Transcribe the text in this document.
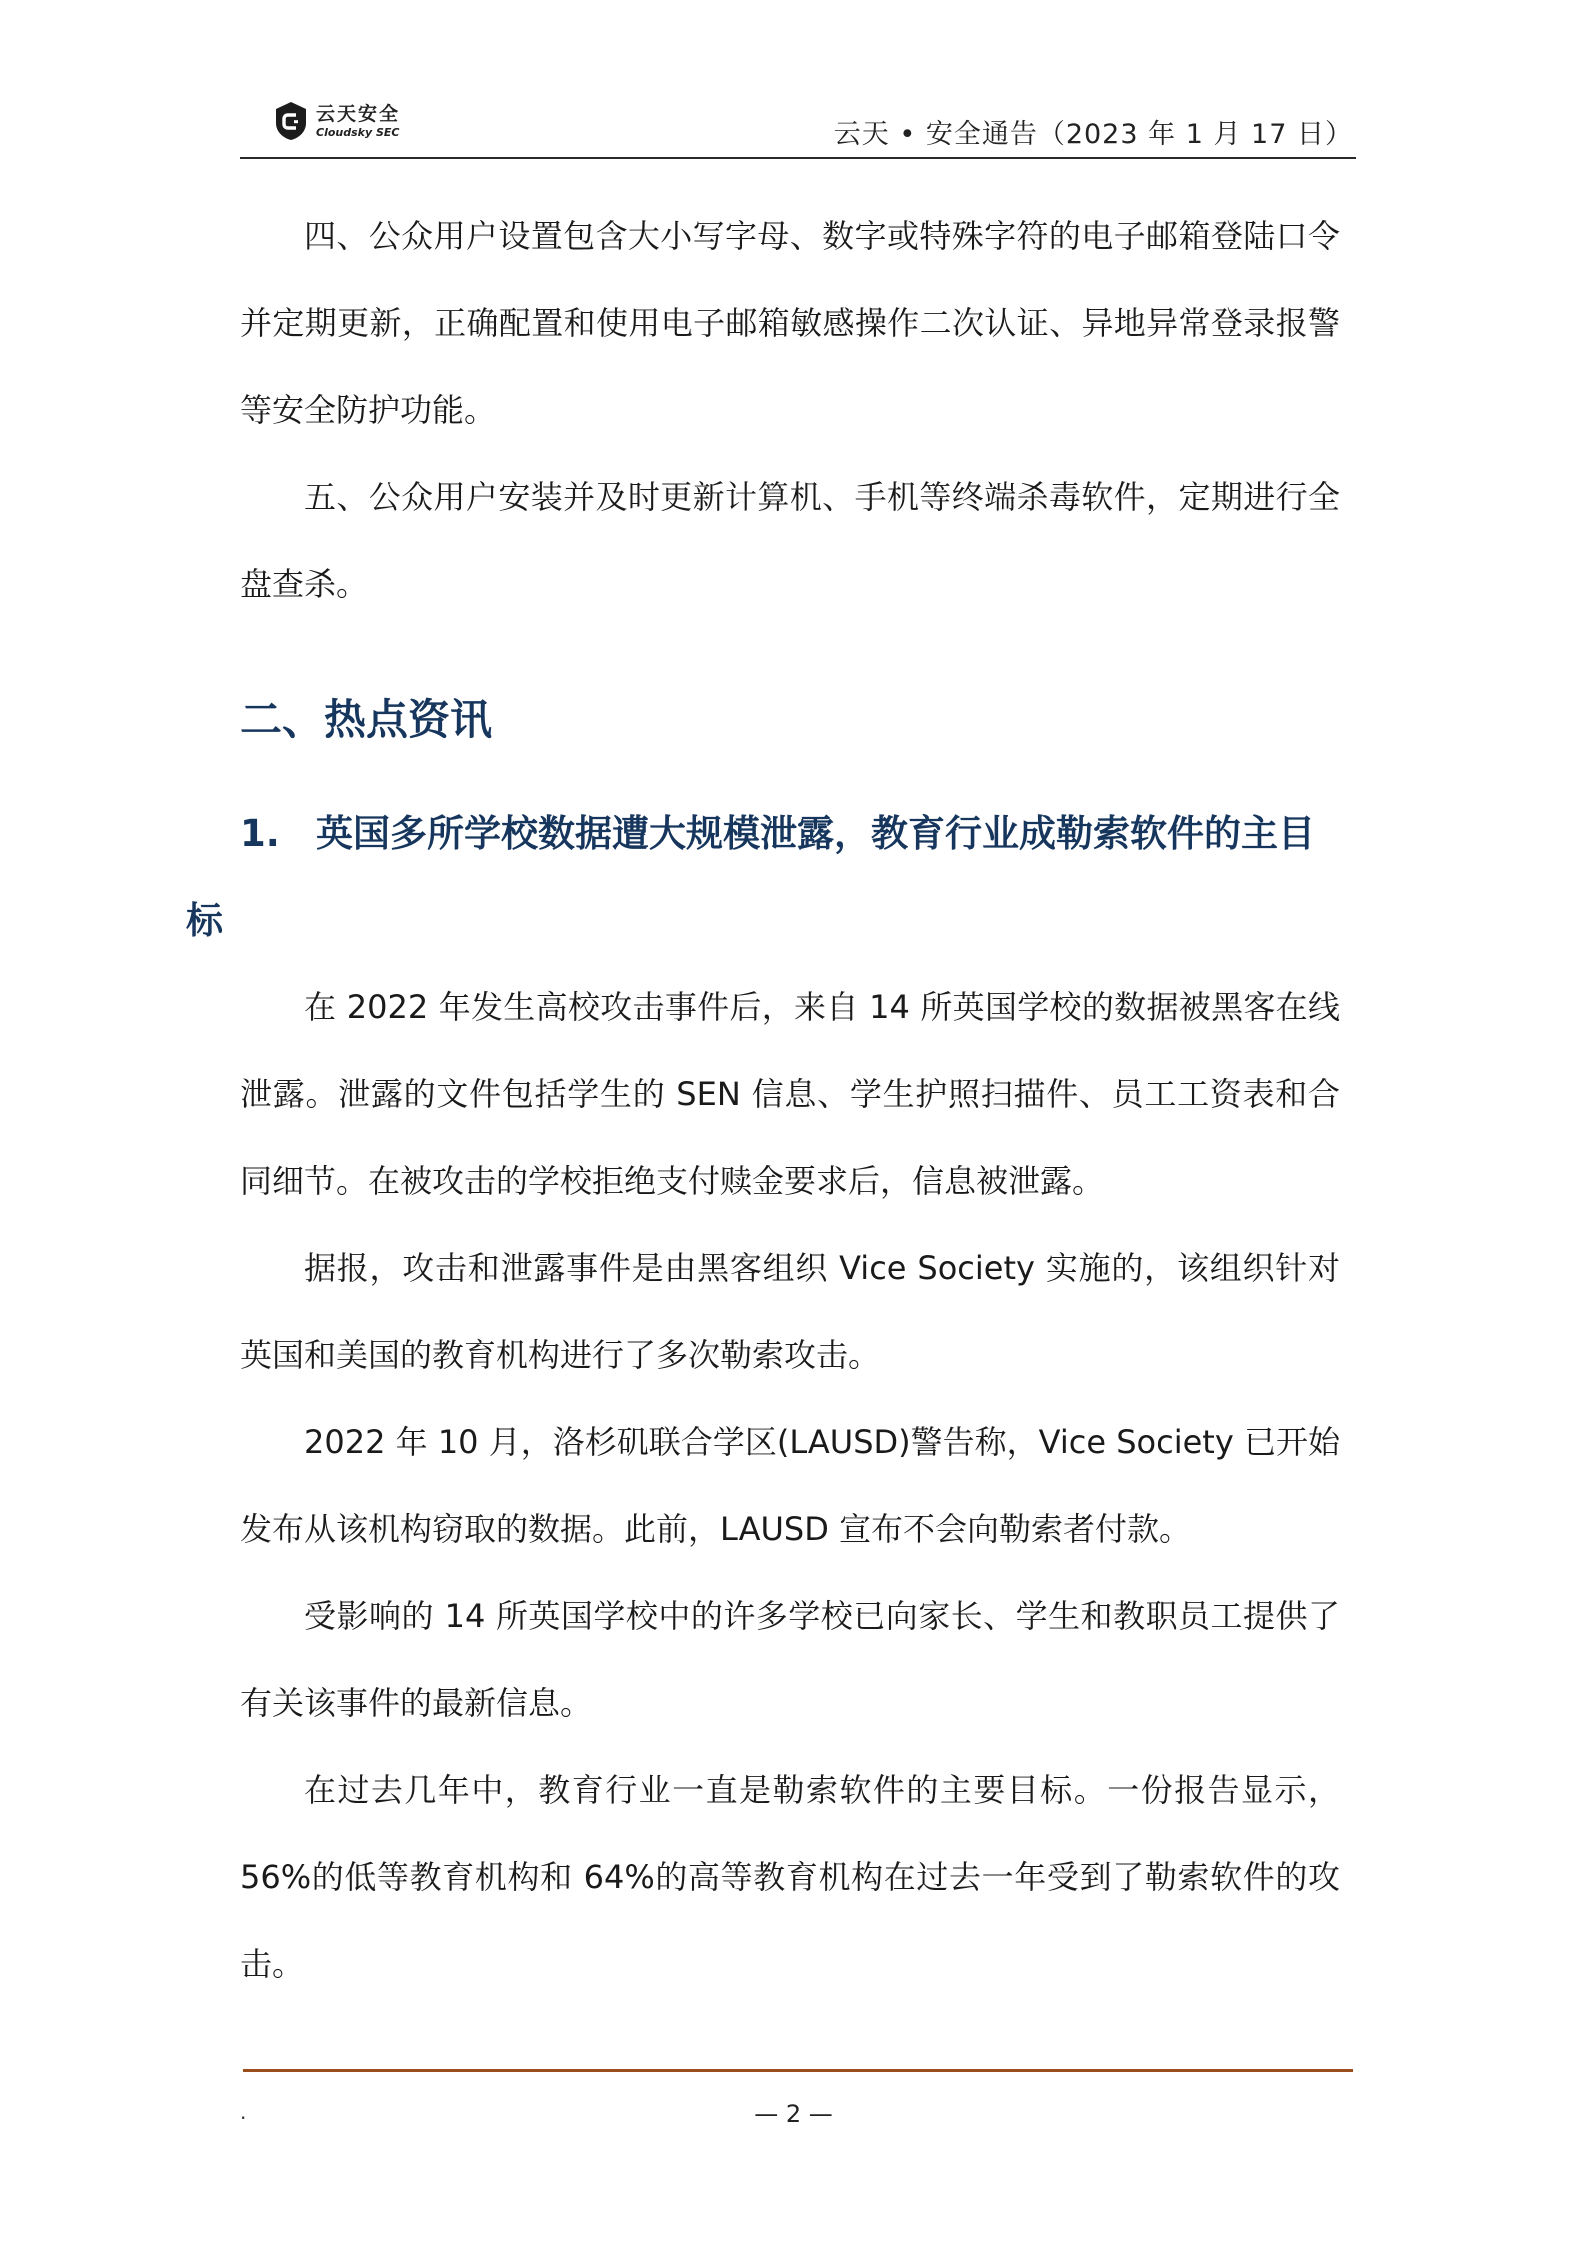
云天安全
Cloudsky SEC	云天 • 安全通告（2023 年 1 月 17 日）

四、公众用户设置包含大小写字母、数字或特殊字符的电子邮箱登陆口令并定期更新，正确配置和使用电子邮箱敏感操作二次认证、异地异常登录报警等安全防护功能。

五、公众用户安装并及时更新计算机、手机等终端杀毒软件，定期进行全盘查杀。

二、热点资讯
1. 英国多所学校数据遭大规模泄露，教育行业成勒索软件的主目标

在 2022 年发生高校攻击事件后，来自 14 所英国学校的数据被黑客在线泄露。泄露的文件包括学生的 SEN 信息、学生护照扫描件、员工工资表和合同细节。在被攻击的学校拒绝支付赎金要求后，信息被泄露。

据报，攻击和泄露事件是由黑客组织 Vice Society 实施的，该组织针对英国和美国的教育机构进行了多次勒索攻击。

2022 年 10 月，洛杉矶联合学区(LAUSD)警告称，Vice Society 已开始发布从该机构窃取的数据。此前，LAUSD 宣布不会向勒索者付款。

受影响的 14 所英国学校中的许多学校已向家长、学生和教职员工提供了有关该事件的最新信息。

在过去几年中，教育行业一直是勒索软件的主要目标。一份报告显示，56%的低等教育机构和 64%的高等教育机构在过去一年受到了勒索软件的攻击。

.	— 2 —
